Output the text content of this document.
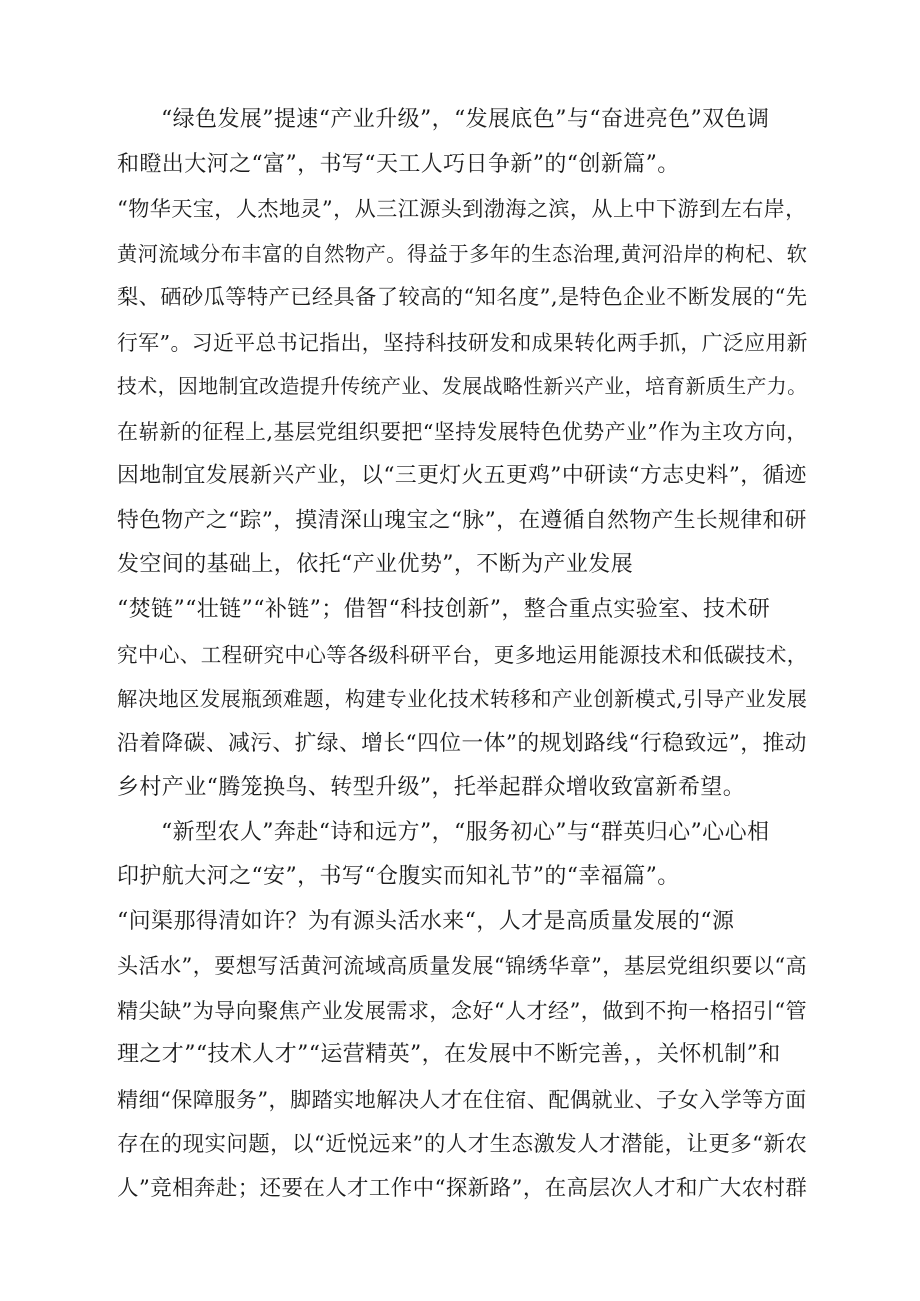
“绿色发展”提速“产业升级”，“发展底色”与“奋进亮色”双色调
和瞪出大河之“富”，书写“天工人巧日争新”的“创新篇”。
“物华天宝，人杰地灵”，从三江源头到渤海之滨，从上中下游到左右岸，
黄河流域分布丰富的自然物产。得益于多年的生态治理,黄河沿岸的枸杞、软
梨、硒砂瓜等特产已经具备了较高的“知名度”,是特色企业不断发展的“先
行军”。习近平总书记指出，坚持科技研发和成果转化两手抓，广泛应用新
技术，因地制宜改造提升传统产业、发展战略性新兴产业，培育新质生产力。
在崭新的征程上,基层党组织要把“坚持发展特色优势产业”作为主攻方向，
因地制宜发展新兴产业，以“三更灯火五更鸡”中研读“方志史料”，循迹
特色物产之“踪”，摸清深山瑰宝之“脉”，在遵循自然物产生长规律和研
发空间的基础上，依托“产业优势”，不断为产业发展
“焚链”“壮链”“补链”；借智“科技创新”，整合重点实验室、技术研
究中心、工程研究中心等各级科研平台，更多地运用能源技术和低碳技术，
解决地区发展瓶颈难题，构建专业化技术转移和产业创新模式,引导产业发展
沿着降碳、减污、扩绿、增长“四位一体”的规划路线“行稳致远”，推动
乡村产业“腾笼换鸟、转型升级”，托举起群众增收致富新希望。
“新型农人”奔赴“诗和远方”，“服务初心”与“群英归心”心心相
印护航大河之“安”，书写“仓腹实而知礼节”的“幸福篇”。
“问渠那得清如许？为有源头活水来“，人才是高质量发展的“源
头活水”，要想写活黄河流域高质量发展“锦绣华章”，基层党组织要以“高
精尖缺”为导向聚焦产业发展需求，念好“人才经”，做到不拘一格招引“管
理之才”“技术人才”“运营精英”，在发展中不断完善，，关怀机制”和
精细“保障服务”，脚踏实地解决人才在住宿、配偶就业、子女入学等方面
存在的现实问题，以“近悦远来”的人才生态激发人才潜能，让更多“新农
人”竞相奔赴；还要在人才工作中“探新路”，在高层次人才和广大农村群
